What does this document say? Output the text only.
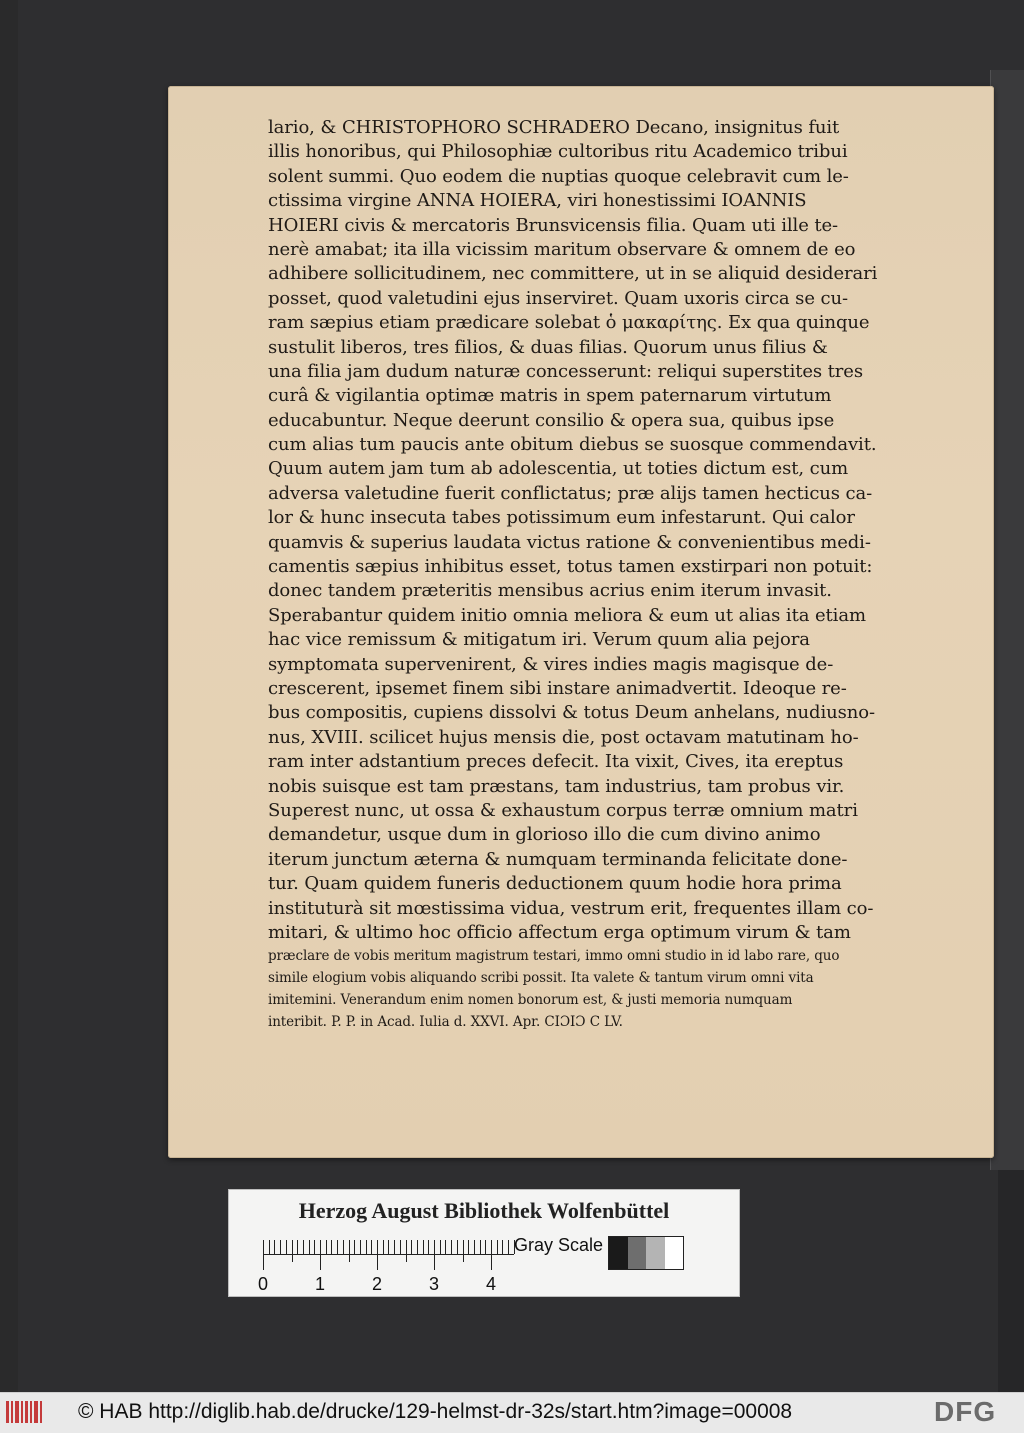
lario, & CHRISTOPHORO SCHRADERO Decano, insignitus fuit
illis honoribus, qui Philosophiæ cultoribus ritu Academico tribui
solent summi. Quo eodem die nuptias quoque celebravit cum le-
ctissima virgine ANNA HOIERA, viri honestissimi IOANNIS
HOIERI civis & mercatoris Brunsvicensis filia. Quam uti ille te-
nerè amabat; ita illa vicissim maritum observare & omnem de eo
adhibere sollicitudinem, nec committere, ut in se aliquid desiderari
posset, quod valetudini ejus inserviret. Quam uxoris circa se cu-
ram sæpius etiam prædicare solebat ὁ μακαρίτης. Ex qua quinque
sustulit liberos, tres filios, & duas filias. Quorum unus filius &
una filia jam dudum naturæ concesserunt: reliqui superstites tres
curâ & vigilantia optimæ matris in spem paternarum virtutum
educabuntur. Neque deerunt consilio & opera sua, quibus ipse
cum alias tum paucis ante obitum diebus se suosque commendavit.
Quum autem jam tum ab adolescentia, ut toties dictum est, cum
adversa valetudine fuerit conflictatus; præ alijs tamen hecticus ca-
lor & hunc insecuta tabes potissimum eum infestarunt. Qui calor
quamvis & superius laudata victus ratione & convenientibus medi-
camentis sæpius inhibitus esset, totus tamen exstirpari non potuit:
donec tandem præteritis mensibus acrius enim iterum invasit.
Sperabantur quidem initio omnia meliora & eum ut alias ita etiam
hac vice remissum & mitigatum iri. Verum quum alia pejora
symptomata supervenirent, & vires indies magis magisque de-
crescerent, ipsemet finem sibi instare animadvertit. Ideoque re-
bus compositis, cupiens dissolvi & totus Deum anhelans, nudiusno-
nus, XVIII. scilicet hujus mensis die, post octavam matutinam ho-
ram inter adstantium preces defecit. Ita vixit, Cives, ita ereptus
nobis suisque est tam præstans, tam industrius, tam probus vir.
Superest nunc, ut ossa & exhaustum corpus terræ omnium matri
demandetur, usque dum in glorioso illo die cum divino animo
iterum junctum æterna & numquam terminanda felicitate done-
tur. Quam quidem funeris deductionem quum hodie hora prima
instituturà sit mœstissima vidua, vestrum erit, frequentes illam co-
mitari, & ultimo hoc officio affectum erga optimum virum & tam
præclare de vobis meritum magistrum testari, immo omni studio in id labo rare, quo
simile elogium vobis aliquando scribi possit. Ita valete & tantum virum omni vita
imitemini. Venerandum enim nomen bonorum est, & justi memoria numquam
interibit. P. P. in Acad. Iulia d. XXVI. Apr. CIƆIƆ C LV.
Herzog August Bibliothek Wolfenbüttel
0	1	2	3	4
Gray Scale
© HAB http://diglib.hab.de/drucke/129-helmst-dr-32s/start.htm?image=00008	DFG
